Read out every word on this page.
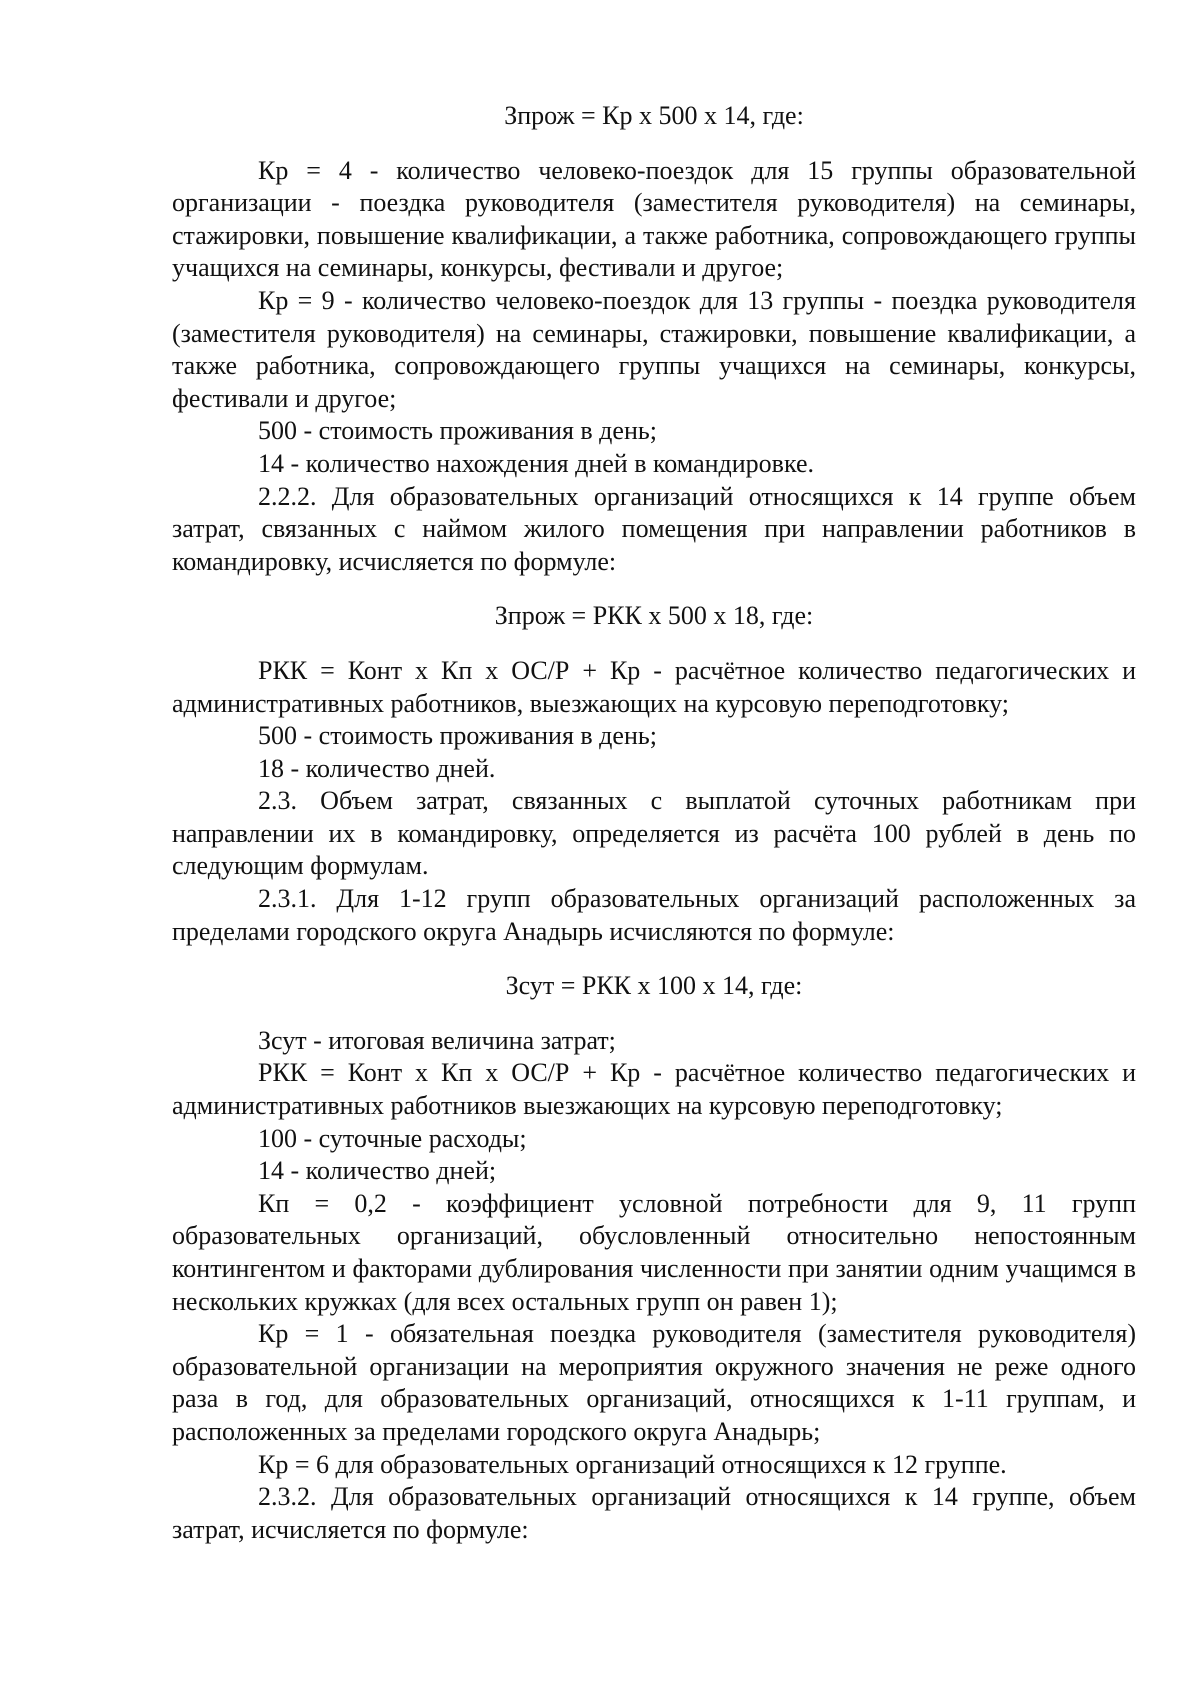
Зпрож = Кр х 500 х 14, где:

Кр = 4 - количество человеко-поездок для 15 группы образовательной организации - поездка руководителя (заместителя руководителя) на семинары, стажировки, повышение квалификации, а также работника, сопровождающего группы учащихся на семинары, конкурсы, фестивали и другое;

Кр = 9 - количество человеко-поездок для 13 группы - поездка руководителя (заместителя руководителя) на семинары, стажировки, повышение квалификации, а также работника, сопровождающего группы учащихся на семинары, конкурсы, фестивали и другое;

500 - стоимость проживания в день;

14 - количество нахождения дней в командировке.

2.2.2. Для образовательных организаций относящихся к 14 группе объем затрат, связанных с наймом жилого помещения при направлении работников в командировку, исчисляется по формуле:

Зпрож = РКК х 500 х 18, где:

РКК = Конт х Кп х ОС/Р + Кр - расчётное количество педагогических и административных работников, выезжающих на курсовую переподготовку;

500 - стоимость проживания в день;

18 - количество дней.

2.3. Объем затрат, связанных с выплатой суточных работникам при направлении их в командировку, определяется из расчёта 100 рублей в день по следующим формулам.

2.3.1. Для 1-12 групп образовательных организаций расположенных за пределами городского округа Анадырь исчисляются по формуле:

Зсут = РКК х 100 х 14, где:

Зсут - итоговая величина затрат;

РКК = Конт х Кп х ОС/Р + Кр - расчётное количество педагогических и административных работников выезжающих на курсовую переподготовку;

100 - суточные расходы;

14 - количество дней;

Кп = 0,2 - коэффициент условной потребности для 9, 11 групп образовательных организаций, обусловленный относительно непостоянным контингентом и факторами дублирования численности при занятии одним учащимся в нескольких кружках (для всех остальных групп он равен 1);

Кр = 1 - обязательная поездка руководителя (заместителя руководителя) образовательной организации на мероприятия окружного значения не реже одного раза в год, для образовательных организаций, относящихся к 1-11 группам, и расположенных за пределами городского округа Анадырь;

Кр = 6 для образовательных организаций относящихся к 12 группе.

2.3.2. Для образовательных организаций относящихся к 14 группе, объем затрат, исчисляется по формуле:
